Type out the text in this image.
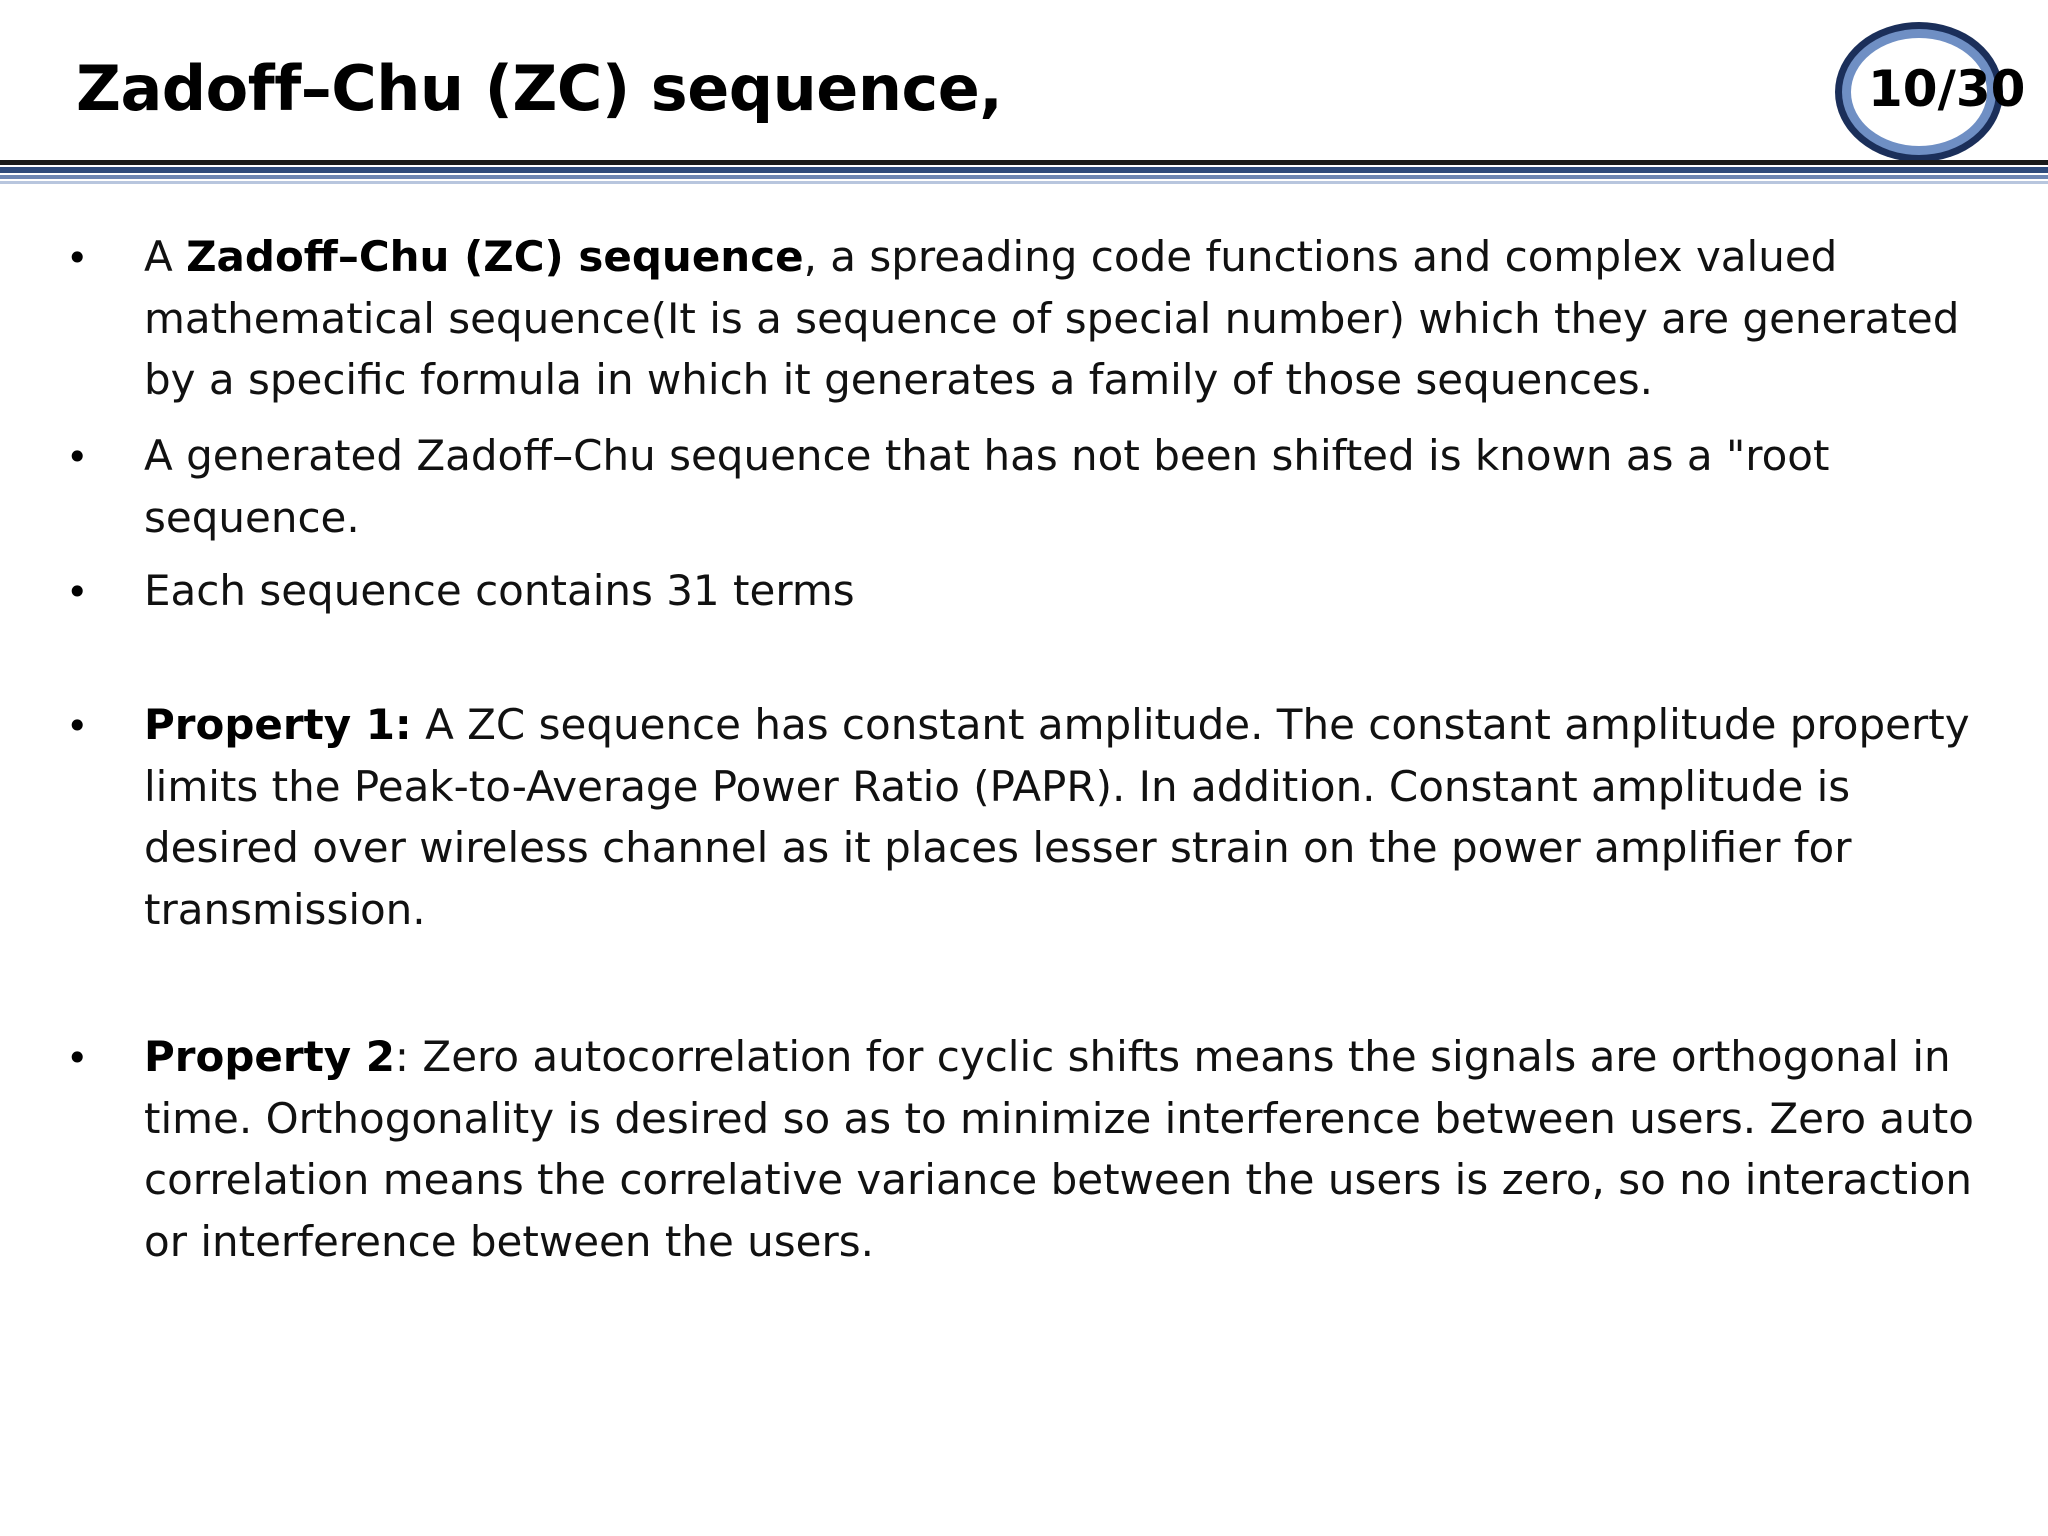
Zadoff–Chu (ZC) sequence,	10/30
• A Zadoff–Chu (ZC) sequence, a spreading code functions and complex valued mathematical sequence(It is a sequence of special number) which they are generated by a specific formula in which it generates a family of those sequences.
• A generated Zadoff–Chu sequence that has not been shifted is known as a "root sequence.
• Each sequence contains 31 terms
• Property 1: A ZC sequence has constant amplitude. The constant amplitude property limits the Peak-to-Average Power Ratio (PAPR). In addition. Constant amplitude is desired over wireless channel as it places lesser strain on the power amplifier for transmission.
• Property 2: Zero autocorrelation for cyclic shifts means the signals are orthogonal in time. Orthogonality is desired so as to minimize interference between users. Zero auto correlation means the correlative variance between the users is zero, so no interaction or interference between the users.
